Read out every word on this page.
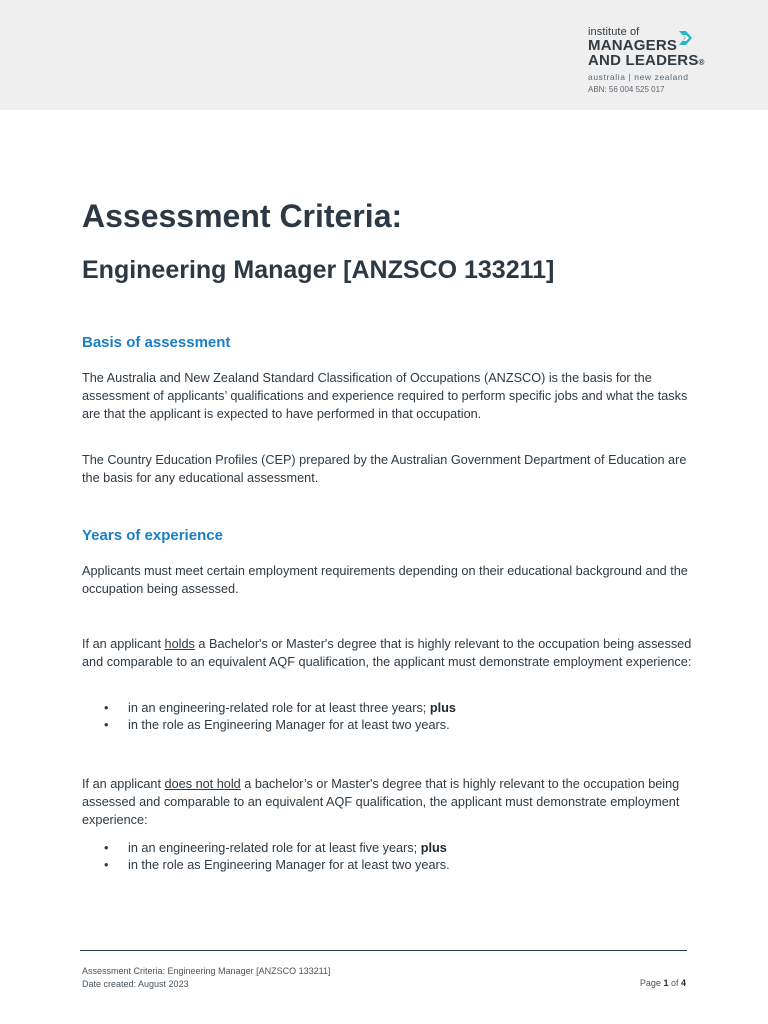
institute of
MANAGERS
AND LEADERS®
australia | new zealand
ABN: 56 004 525 017
Assessment Criteria:
Engineering Manager [ANZSCO 133211]
Basis of assessment

The Australia and New Zealand Standard Classification of Occupations (ANZSCO) is the basis for the assessment of applicants’ qualifications and experience required to perform specific jobs and what the tasks are that the applicant is expected to have performed in that occupation.

The Country Education Profiles (CEP) prepared by the Australian Government Department of Education are the basis for any educational assessment.

Years of experience

Applicants must meet certain employment requirements depending on their educational background and the occupation being assessed.

If an applicant holds a Bachelor's or Master's degree that is highly relevant to the occupation being assessed and comparable to an equivalent AQF qualification, the applicant must demonstrate employment experience:

• in an engineering-related role for at least three years; plus
• in the role as Engineering Manager for at least two years.

If an applicant does not hold a bachelor’s or Master's degree that is highly relevant to the occupation being assessed and comparable to an equivalent AQF qualification, the applicant must demonstrate employment experience:

• in an engineering-related role for at least five years; plus
• in the role as Engineering Manager for at least two years.
Assessment Criteria: Engineering Manager [ANZSCO 133211]
Date created: August 2023	Page 1 of 4
